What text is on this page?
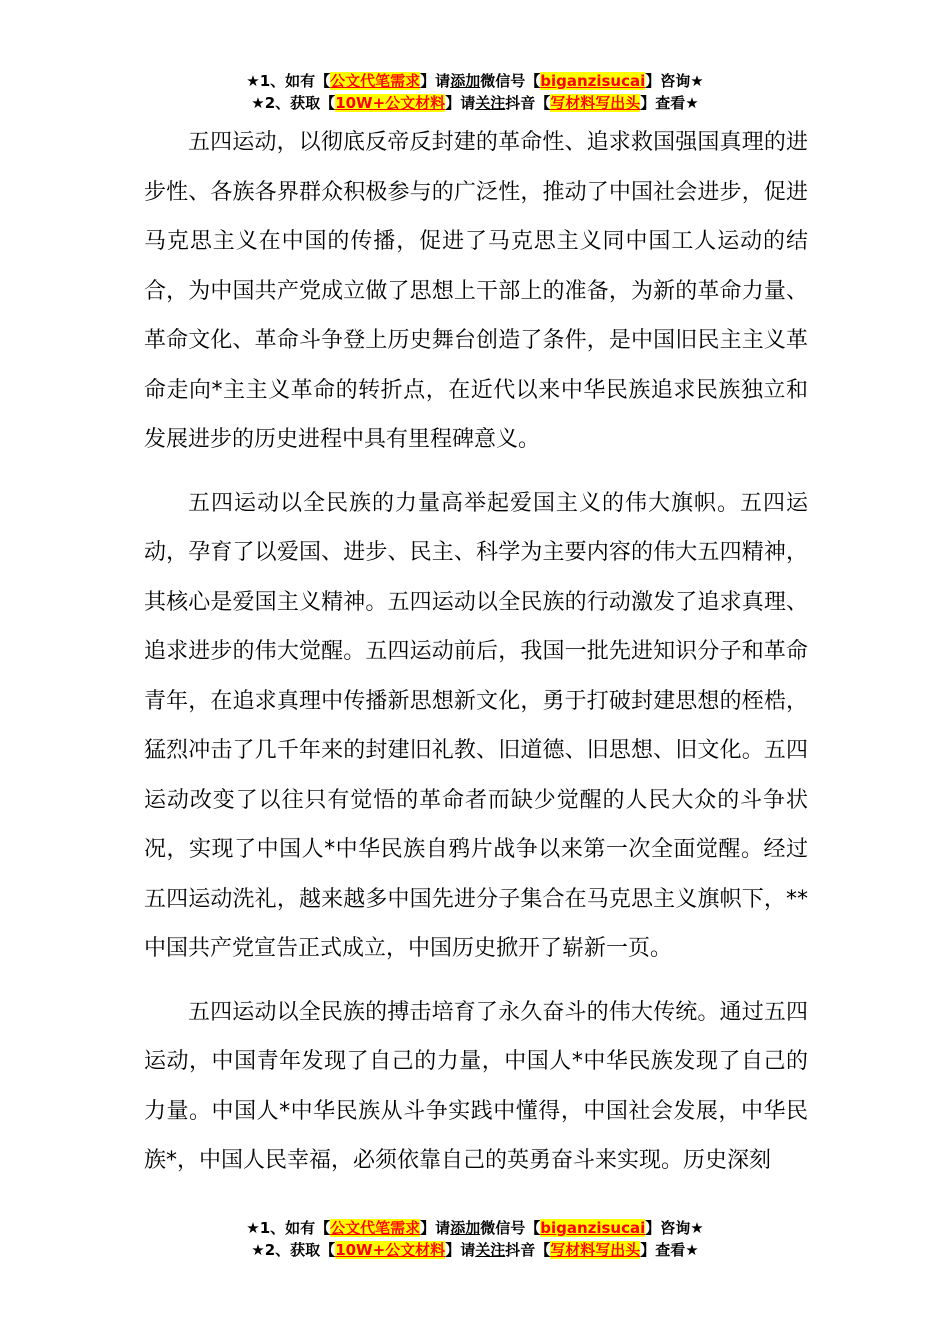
★1、如有【公文代笔需求】请添加微信号【biganzisucai】咨询★
★2、获取【10W+公文材料】请关注抖音【写材料写出头】查看★

五四运动，以彻底反帝反封建的革命性、追求救国强国真理的进步性、各族各界群众积极参与的广泛性，推动了中国社会进步，促进马克思主义在中国的传播，促进了马克思主义同中国工人运动的结合，为中国共产党成立做了思想上干部上的准备，为新的革命力量、革命文化、革命斗争登上历史舞台创造了条件，是中国旧民主主义革命走向*主主义革命的转折点，在近代以来中华民族追求民族独立和发展进步的历史进程中具有里程碑意义。

五四运动以全民族的力量高举起爱国主义的伟大旗帜。五四运动，孕育了以爱国、进步、民主、科学为主要内容的伟大五四精神，其核心是爱国主义精神。五四运动以全民族的行动激发了追求真理、追求进步的伟大觉醒。五四运动前后，我国一批先进知识分子和革命青年，在追求真理中传播新思想新文化，勇于打破封建思想的桎梏，猛烈冲击了几千年来的封建旧礼教、旧道德、旧思想、旧文化。五四运动改变了以往只有觉悟的革命者而缺少觉醒的人民大众的斗争状况，实现了中国人*中华民族自鸦片战争以来第一次全面觉醒。经过五四运动洗礼，越来越多中国先进分子集合在马克思主义旗帜下，**中国共产党宣告正式成立，中国历史掀开了崭新一页。

五四运动以全民族的搏击培育了永久奋斗的伟大传统。通过五四运动，中国青年发现了自己的力量，中国人*中华民族发现了自己的力量。中国人*中华民族从斗争实践中懂得，中国社会发展，中华民族*，中国人民幸福，必须依靠自己的英勇奋斗来实现。历史深刻

★1、如有【公文代笔需求】请添加微信号【biganzisucai】咨询★
★2、获取【10W+公文材料】请关注抖音【写材料写出头】查看★
